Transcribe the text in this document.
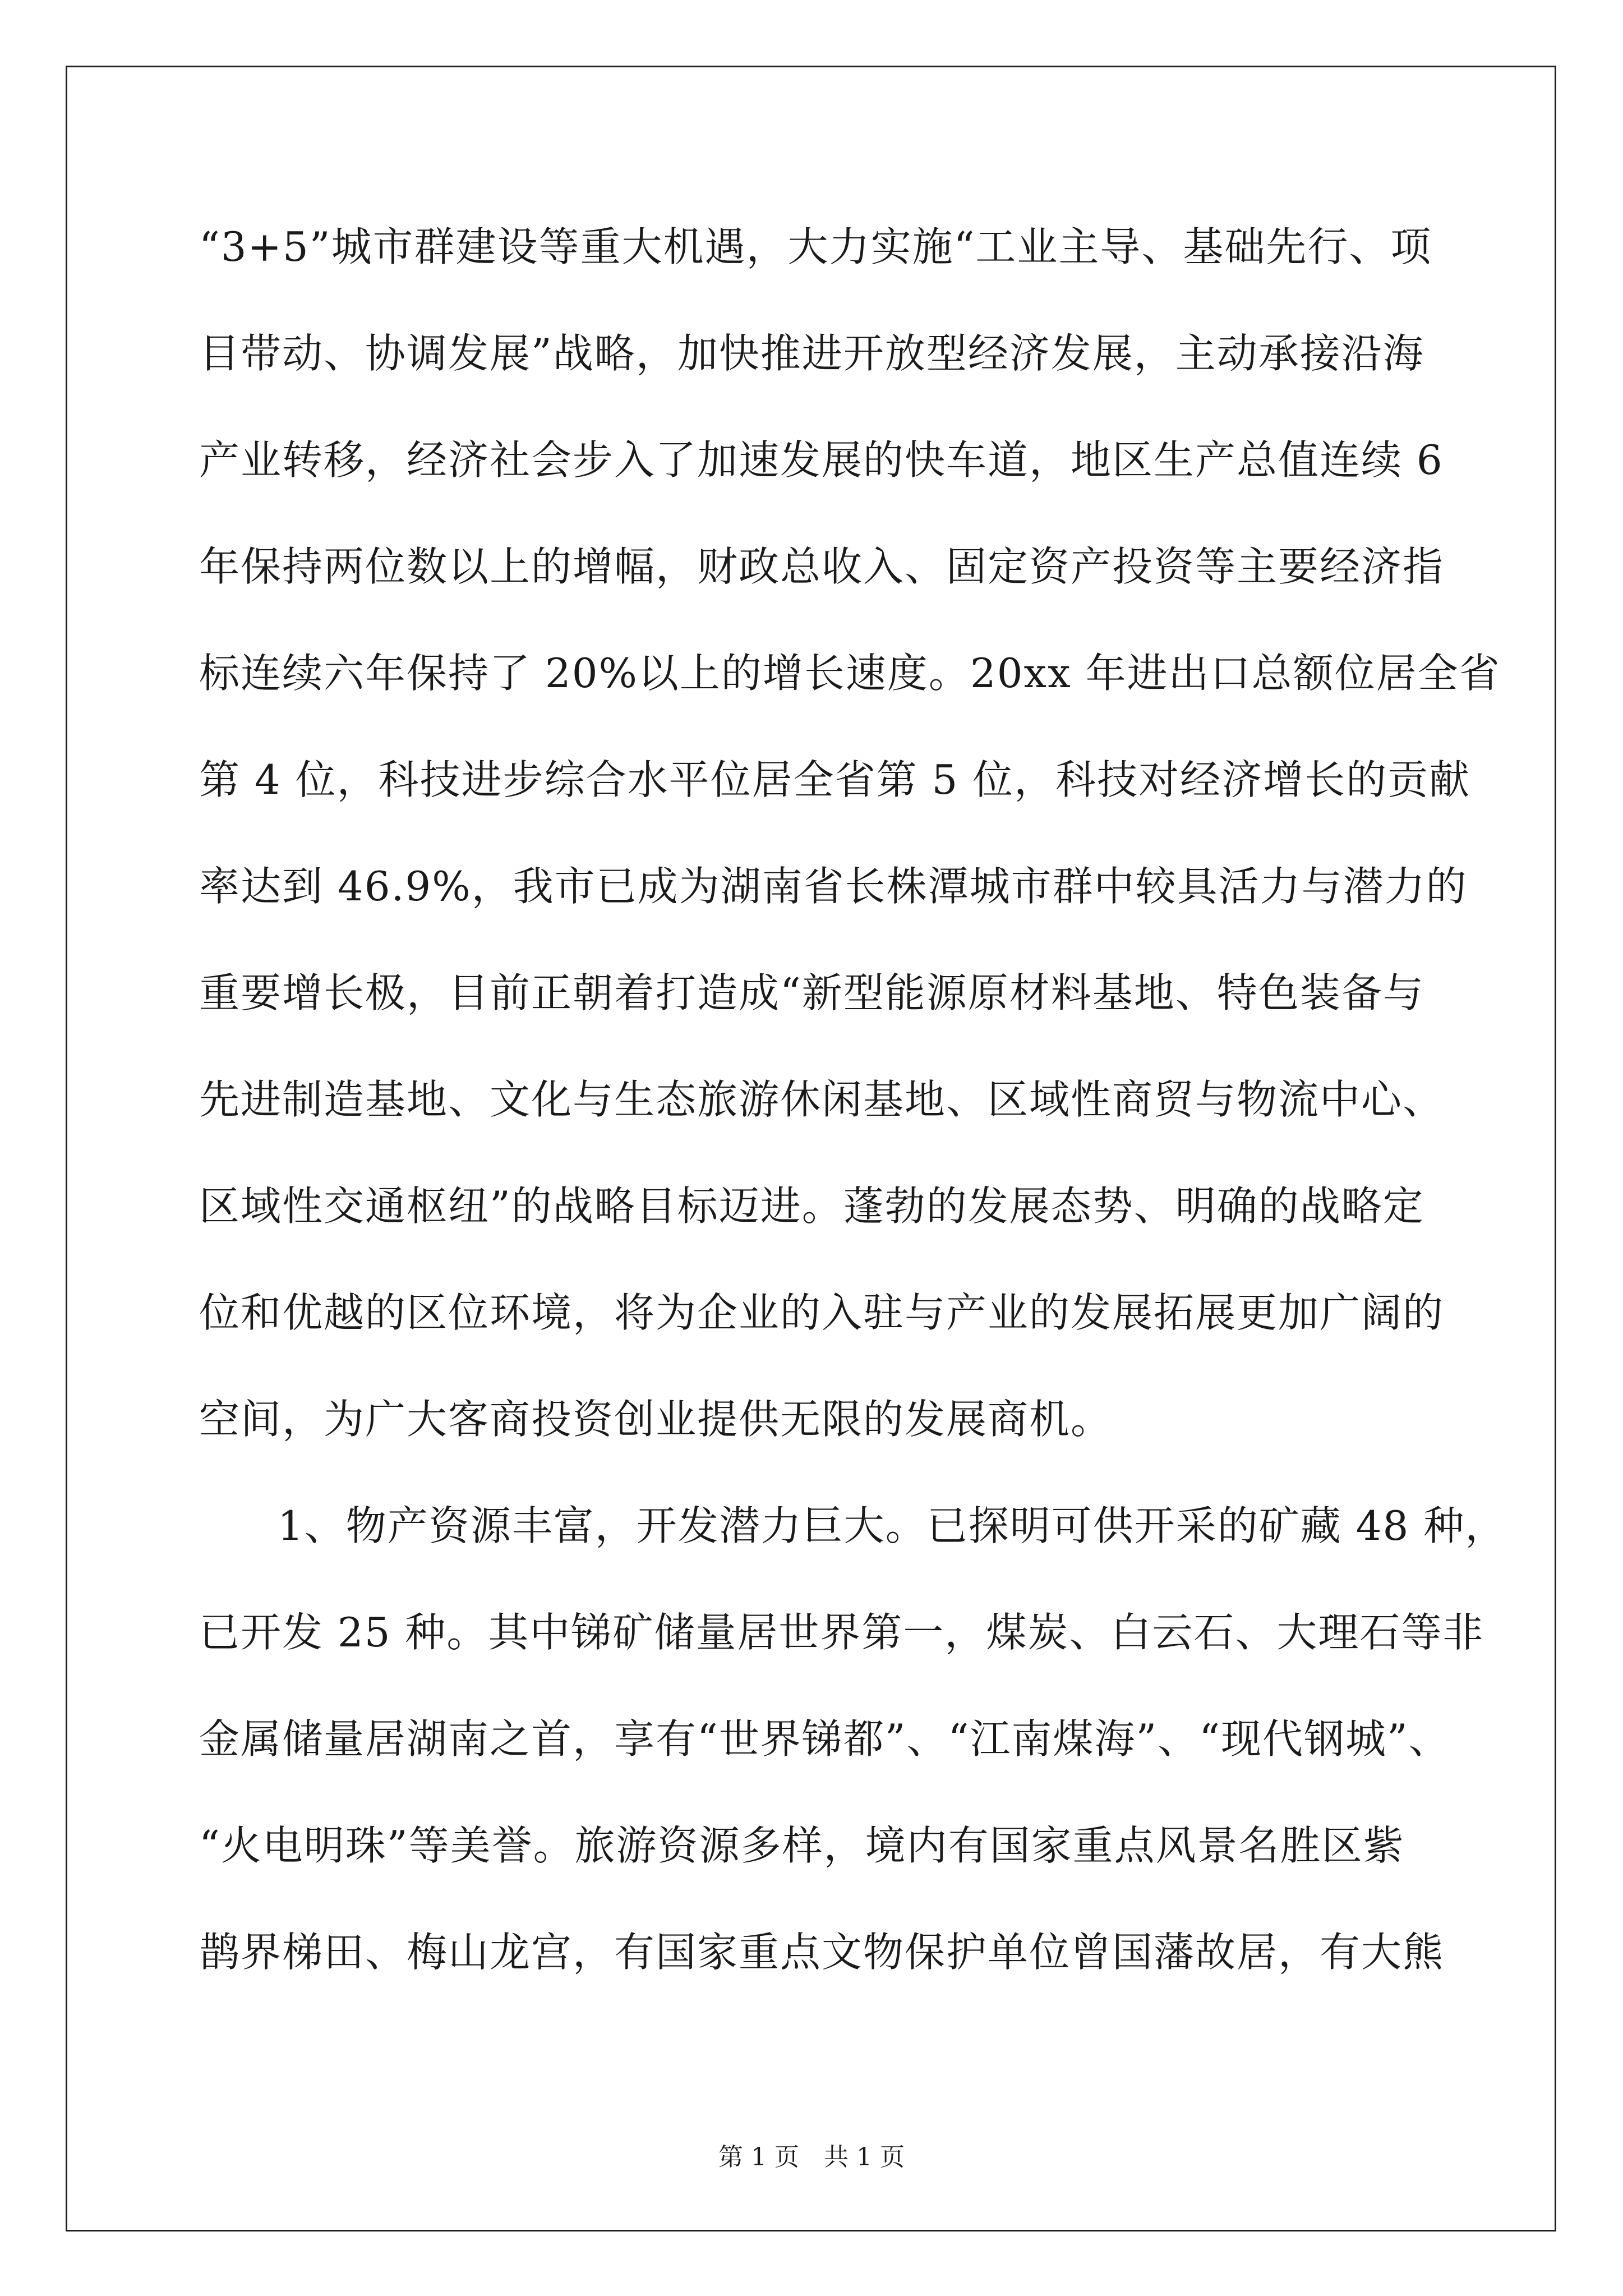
“3+5”城市群建设等重大机遇，大力实施“工业主导、基础先行、项
目带动、协调发展”战略，加快推进开放型经济发展，主动承接沿海
产业转移，经济社会步入了加速发展的快车道，地区生产总值连续 6
年保持两位数以上的增幅，财政总收入、固定资产投资等主要经济指
标连续六年保持了 20%以上的增长速度。20xx 年进出口总额位居全省
第 4 位，科技进步综合水平位居全省第 5 位，科技对经济增长的贡献
率达到 46.9%，我市已成为湖南省长株潭城市群中较具活力与潜力的
重要增长极，目前正朝着打造成“新型能源原材料基地、特色装备与
先进制造基地、文化与生态旅游休闲基地、区域性商贸与物流中心、
区域性交通枢纽”的战略目标迈进。蓬勃的发展态势、明确的战略定
位和优越的区位环境，将为企业的入驻与产业的发展拓展更加广阔的
空间，为广大客商投资创业提供无限的发展商机。
1、物产资源丰富，开发潜力巨大。已探明可供开采的矿藏 48 种，
已开发 25 种。其中锑矿储量居世界第一，煤炭、白云石、大理石等非
金属储量居湖南之首，享有“世界锑都”、“江南煤海”、“现代钢城”、
“火电明珠”等美誉。旅游资源多样，境内有国家重点风景名胜区紫
鹊界梯田、梅山龙宫，有国家重点文物保护单位曾国藩故居，有大熊
第 1 页 共 1 页
